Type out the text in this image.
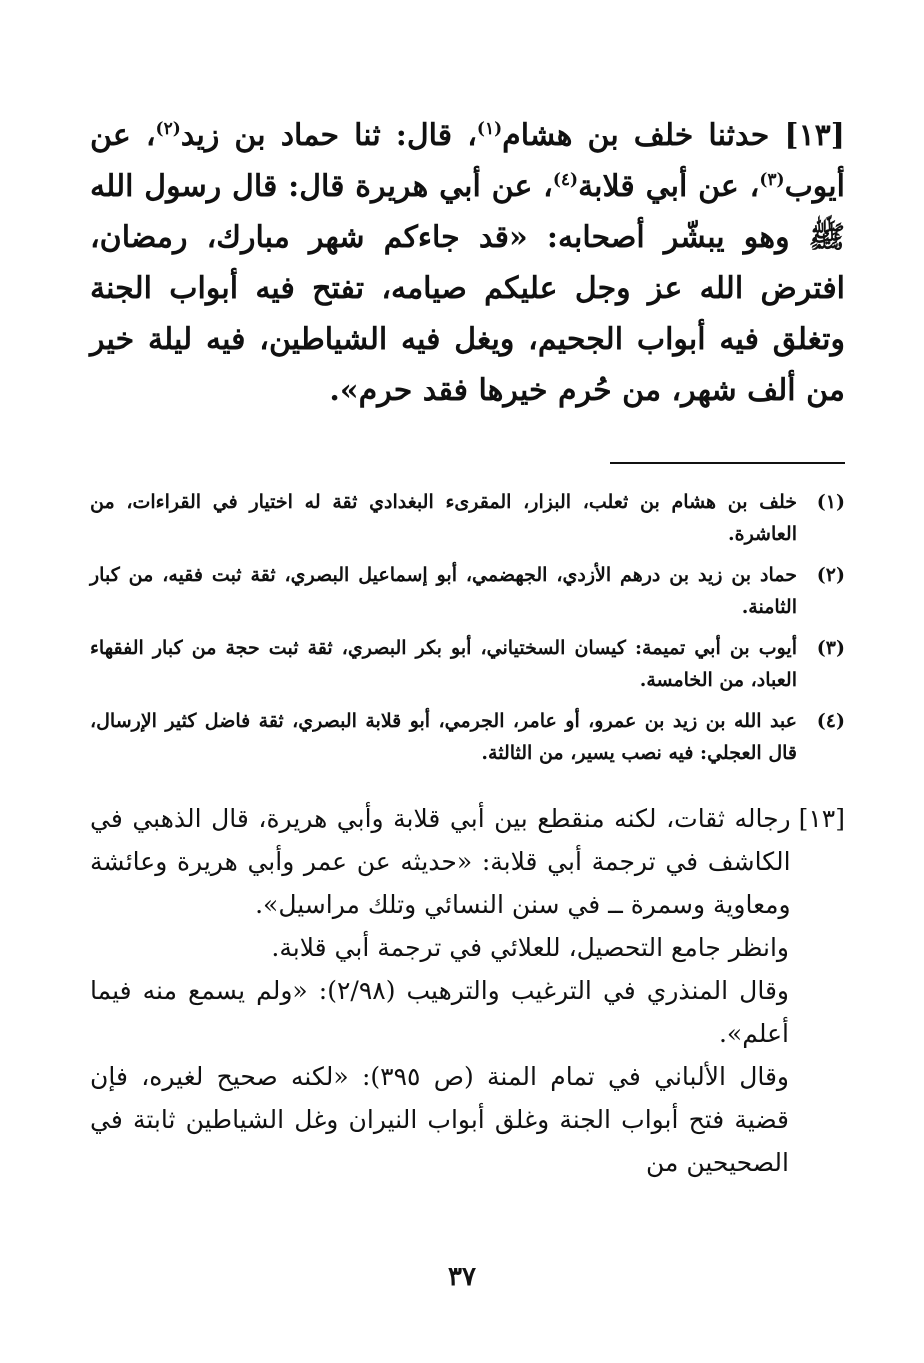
[١٣] حدثنا خلف بن هشام$^{(١)}$، قال: ثنا حماد بن زيد$^{(٢)}$، عن أيوب$^{(٣)}$، عن أبي قلابة$^{(٤)}$، عن أبي هريرة قال: قال رسول الله ﷺ وهو يبشّر أصحابه: «قد جاءكم شهر مبارك، رمضان، افترض الله عز وجل عليكم صيامه، تفتح فيه أبواب الجنة وتغلق فيه أبواب الجحيم، ويغل فيه الشياطين، فيه ليلة خير من ألف شهر، من حُرم خيرها فقد حرم».

(١)
خلف بن هشام بن ثعلب، البزار، المقرىء البغدادي ثقة له اختيار في القراءات، من العاشرة.
(٢)
حماد بن زيد بن درهم الأزدي، الجهضمي، أبو إسماعيل البصري، ثقة ثبت فقيه، من كبار الثامنة.
(٣)
أيوب بن أبي تميمة: كيسان السختياني، أبو بكر البصري، ثقة ثبت حجة من كبار الفقهاء العباد، من الخامسة.
(٤)
عبد الله بن زيد بن عمرو، أو عامر، الجرمي، أبو قلابة البصري، ثقة فاضل كثير الإرسال، قال العجلي: فيه نصب يسير، من الثالثة.

[١٣]
رجاله ثقات، لكنه منقطع بين أبي قلابة وأبي هريرة، قال الذهبي في الكاشف في ترجمة أبي قلابة: «حديثه عن عمر وأبي هريرة وعائشة ومعاوية وسمرة ــ في سنن النسائي وتلك مراسيل».

وانظر جامع التحصيل، للعلائي في ترجمة أبي قلابة.

وقال المنذري في الترغيب والترهيب (٢/٩٨): «ولم يسمع منه فيما أعلم».

وقال الألباني في تمام المنة (ص ٣٩٥): «لكنه صحيح لغيره، فإن قضية فتح أبواب الجنة وغلق أبواب النيران وغل الشياطين ثابتة في الصحيحين من

٣٧
